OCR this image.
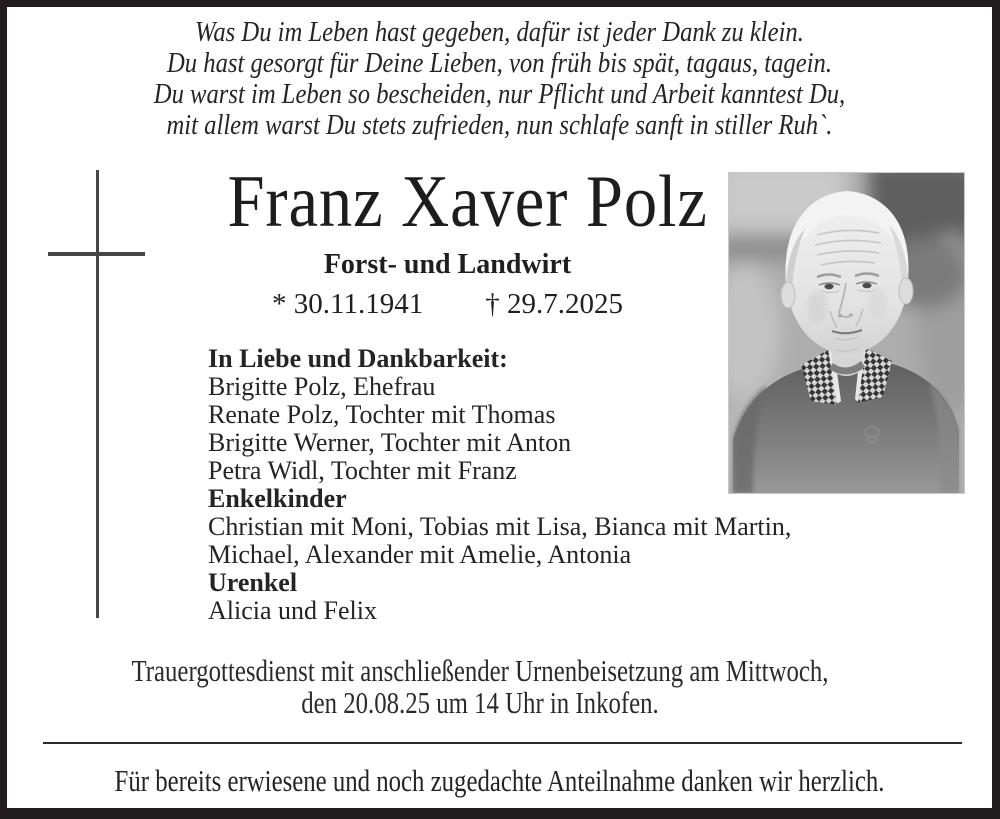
Was Du im Leben hast gegeben, dafür ist jeder Dank zu klein.
Du hast gesorgt für Deine Lieben, von früh bis spät, tagaus, tagein.
Du warst im Leben so bescheiden, nur Pflicht und Arbeit kanntest Du,
mit allem warst Du stets zufrieden, nun schlafe sanft in stiller Ruh`.
Franz Xaver Polz
Forst- und Landwirt
* 30.11.1941 † 29.7.2025
In Liebe und Dankbarkeit:
Brigitte Polz, Ehefrau
Renate Polz, Tochter mit Thomas
Brigitte Werner, Tochter mit Anton
Petra Widl, Tochter mit Franz
Enkelkinder
Christian mit Moni, Tobias mit Lisa, Bianca mit Martin,
Michael, Alexander mit Amelie, Antonia
Urenkel
Alicia und Felix
Trauergottesdienst mit anschließender Urnenbeisetzung am Mittwoch,
den 20.08.25 um 14 Uhr in Inkofen.
Für bereits erwiesene und noch zugedachte Anteilnahme danken wir herzlich.
